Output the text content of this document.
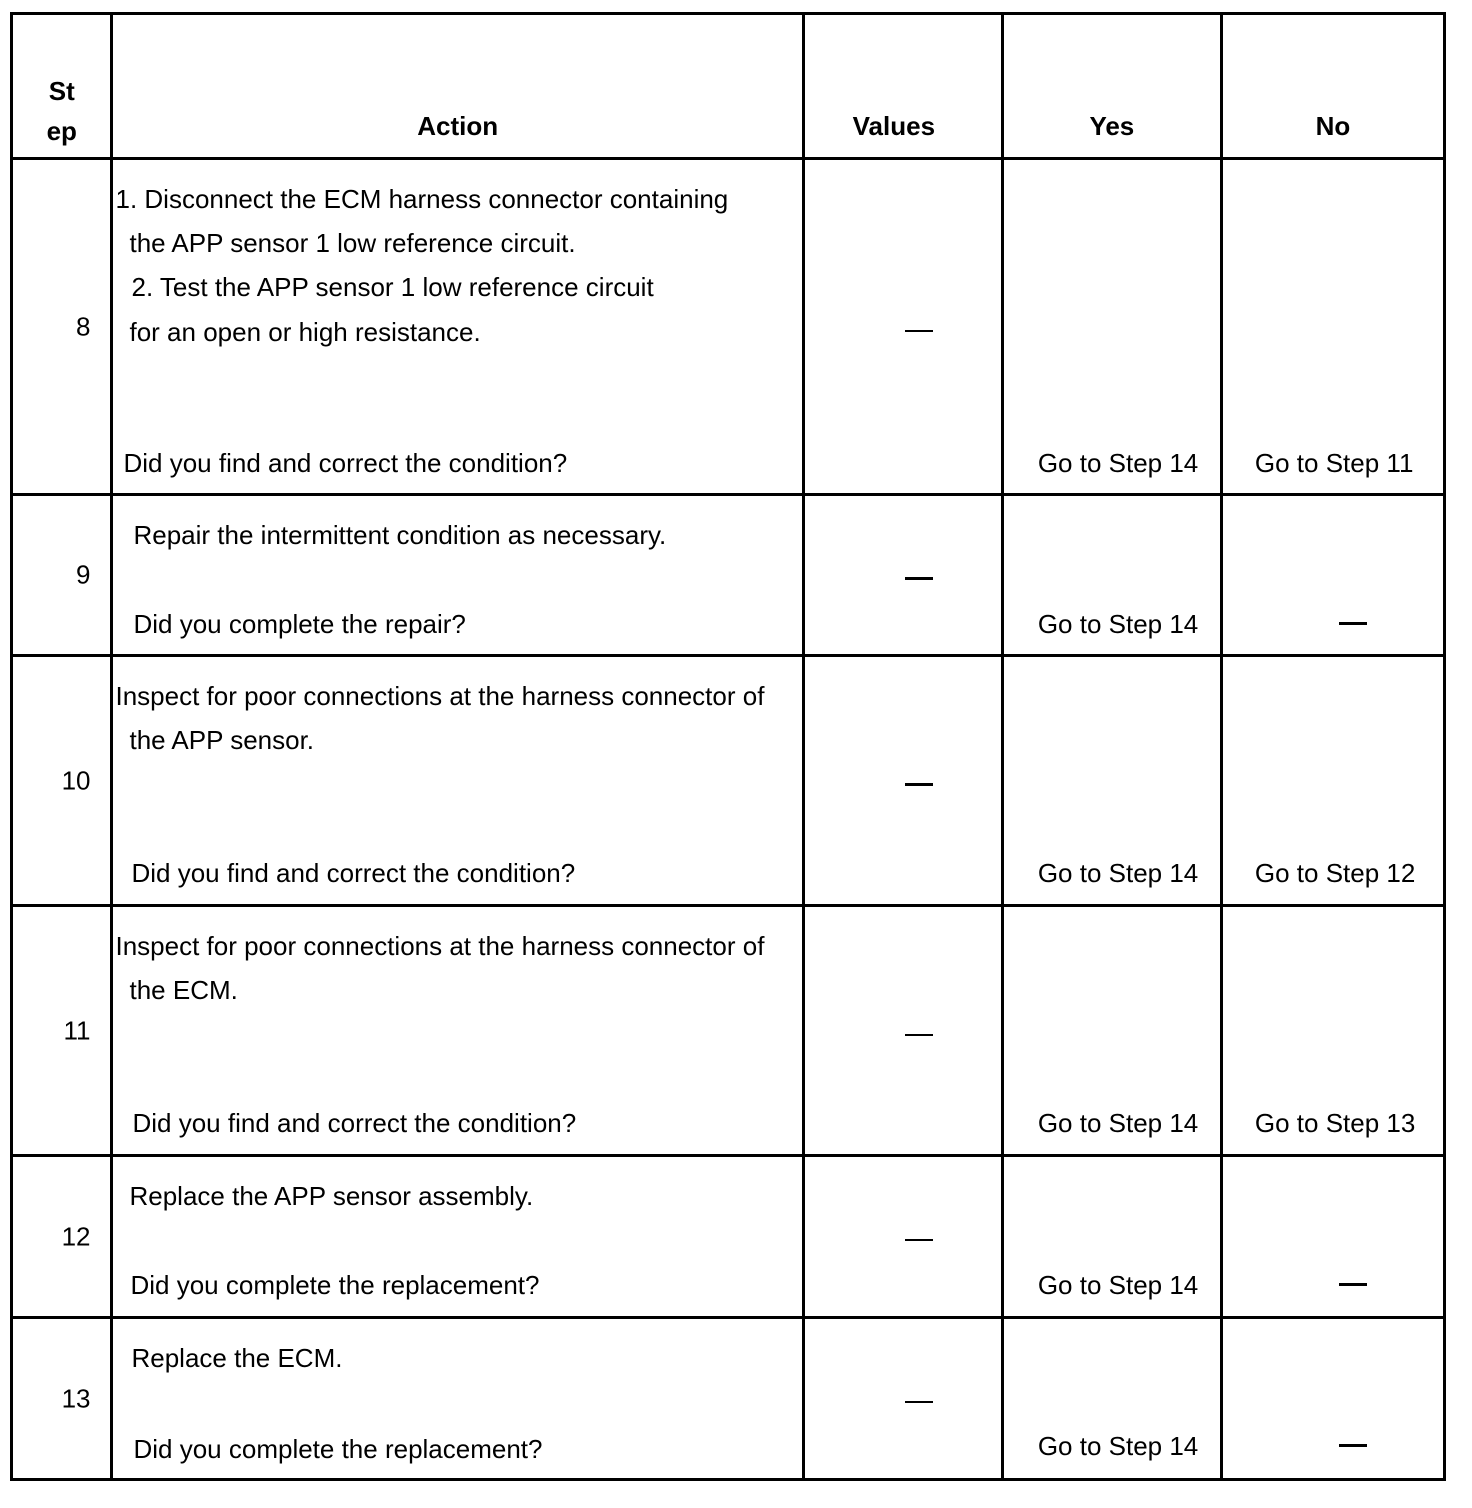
St
ep	Action	Values	Yes	No

8	1. Disconnect the ECM harness connector containing
the APP sensor 1 low reference circuit.
2. Test the APP sensor 1 low reference circuit
for an open or high resistance.
Did you find and correct the condition?		Go to Step 14	Go to Step 11

9	Repair the intermittent condition as necessary.
Did you complete the repair?		Go to Step 14	

10	Inspect for poor connections at the harness connector of
the APP sensor.
Did you find and correct the condition?		Go to Step 14	Go to Step 12

11	Inspect for poor connections at the harness connector of
the ECM.
Did you find and correct the condition?		Go to Step 14	Go to Step 13

12	Replace the APP sensor assembly.
Did you complete the replacement?		Go to Step 14	

13	Replace the ECM.
Did you complete the replacement?		Go to Step 14	
